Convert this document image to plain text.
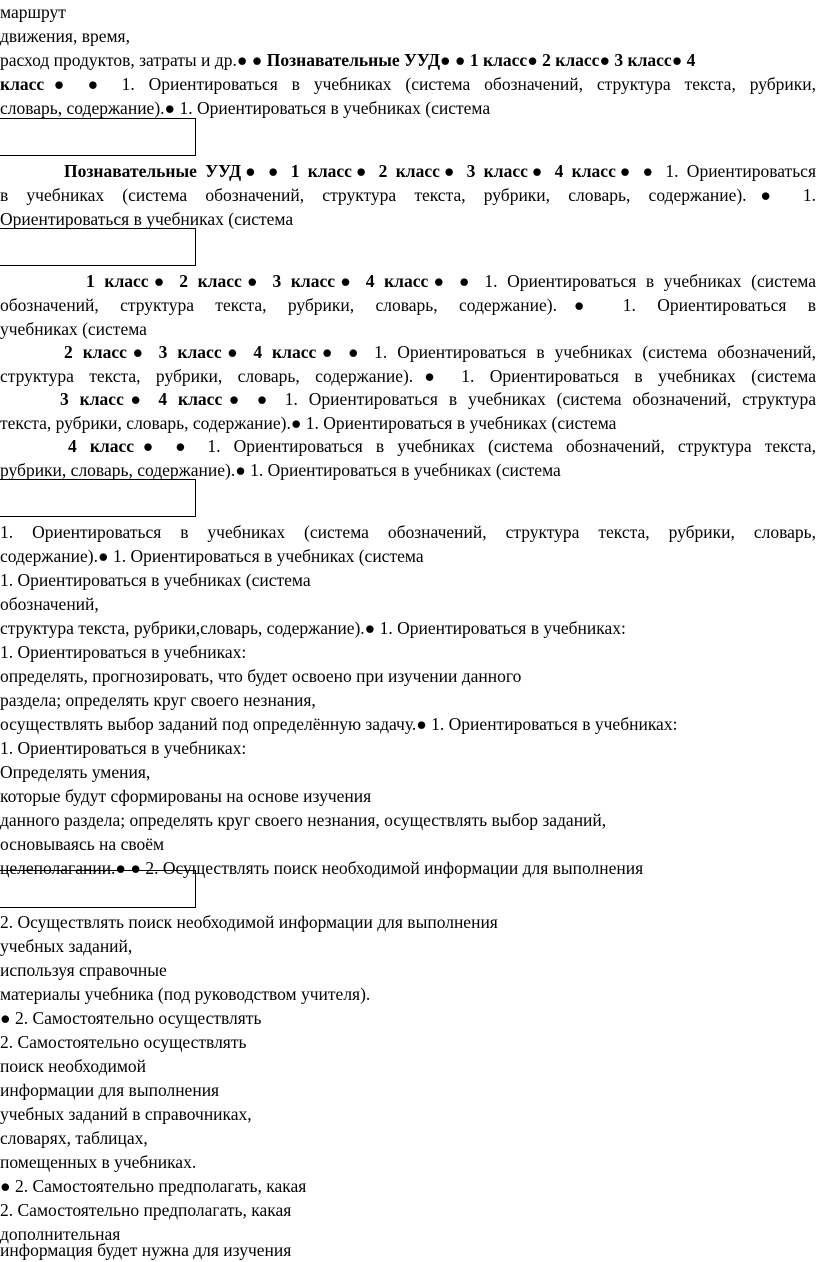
маршрут
движения, время,
расход продуктов, затраты и др.● ● Познавательные УУД● ● 1 класс● 2 класс● 3 класс● 4
класс● ● 1. Ориентироваться в учебниках (система обозначений, структура текста, рубрики,
словарь, содержание).● 1. Ориентироваться в учебниках (система
Познавательные УУД● ● 1 класс● 2 класс● 3 класс● 4 класс● ● 1. Ориентироваться
в учебниках (система обозначений, структура текста, рубрики, словарь, содержание).● 1.
Ориентироваться в учебниках (система
1 класс● 2 класс● 3 класс● 4 класс● ● 1. Ориентироваться в учебниках (система
обозначений, структура текста, рубрики, словарь, содержание).● 1. Ориентироваться в
учебниках (система
2 класс● 3 класс● 4 класс● ● 1. Ориентироваться в учебниках (система обозначений,
структура текста, рубрики, словарь, содержание).● 1. Ориентироваться в учебниках (система
3 класс● 4 класс● ● 1. Ориентироваться в учебниках (система обозначений, структура
текста, рубрики, словарь, содержание).● 1. Ориентироваться в учебниках (система
4 класс● ● 1. Ориентироваться в учебниках (система обозначений, структура текста,
рубрики, словарь, содержание).● 1. Ориентироваться в учебниках (система
1. Ориентироваться в учебниках (система обозначений, структура текста, рубрики, словарь,
содержание).● 1. Ориентироваться в учебниках (система
1. Ориентироваться в учебниках (система
обозначений,
структура текста, рубрики,словарь, содержание).● 1. Ориентироваться в учебниках:
1. Ориентироваться в учебниках:
определять, прогнозировать, что будет освоено при изучении данного
раздела; определять круг своего незнания,
осуществлять выбор заданий под определённую задачу.● 1. Ориентироваться в учебниках:
1. Ориентироваться в учебниках:
Определять умения,
которые будут сформированы на основе изучения
данного раздела; определять круг своего незнания, осуществлять выбор заданий,
основываясь на своём
целеполагании.● ● 2. Осуществлять поиск необходимой информации для выполнения
2. Осуществлять поиск необходимой информации для выполнения
учебных заданий,
используя справочные
материалы учебника (под руководством учителя).
● 2. Самостоятельно осуществлять
2. Самостоятельно осуществлять
поиск необходимой
информации для выполнения
учебных заданий в справочниках,
словарях, таблицах,
помещенных в учебниках.
● 2. Самостоятельно предполагать, какая
2. Самостоятельно предполагать, какая
дополнительная
информация будет нужна для изучения
